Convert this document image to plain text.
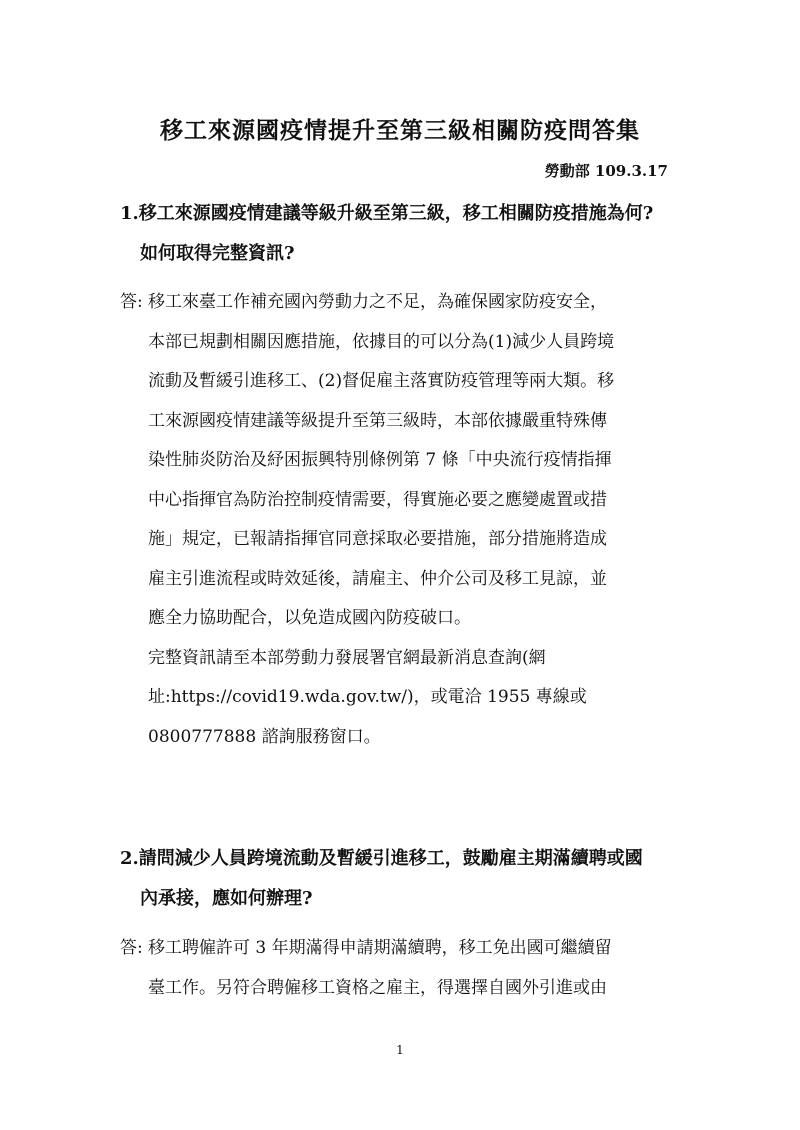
移工來源國疫情提升至第三級相關防疫問答集
勞動部 109.3.17
1.移工來源國疫情建議等級升級至第三級，移工相關防疫措施為何?
如何取得完整資訊?
答: 移工來臺工作補充國內勞動力之不足，為確保國家防疫安全，
本部已規劃相關因應措施，依據目的可以分為(1)減少人員跨境
流動及暫緩引進移工、(2)督促雇主落實防疫管理等兩大類。移
工來源國疫情建議等級提升至第三級時，本部依據嚴重特殊傳
染性肺炎防治及紓困振興特別條例第 7 條「中央流行疫情指揮
中心指揮官為防治控制疫情需要，得實施必要之應變處置或措
施」規定，已報請指揮官同意採取必要措施，部分措施將造成
雇主引進流程或時效延後，請雇主、仲介公司及移工見諒，並
應全力協助配合，以免造成國內防疫破口。
完整資訊請至本部勞動力發展署官網最新消息查詢(網
址:https://covid19.wda.gov.tw/)，或電洽 1955 專線或
0800777888 諮詢服務窗口。
2.請問減少人員跨境流動及暫緩引進移工，鼓勵雇主期滿續聘或國
內承接，應如何辦理?
答: 移工聘僱許可 3 年期滿得申請期滿續聘，移工免出國可繼續留
臺工作。另符合聘僱移工資格之雇主，得選擇自國外引進或由
1
